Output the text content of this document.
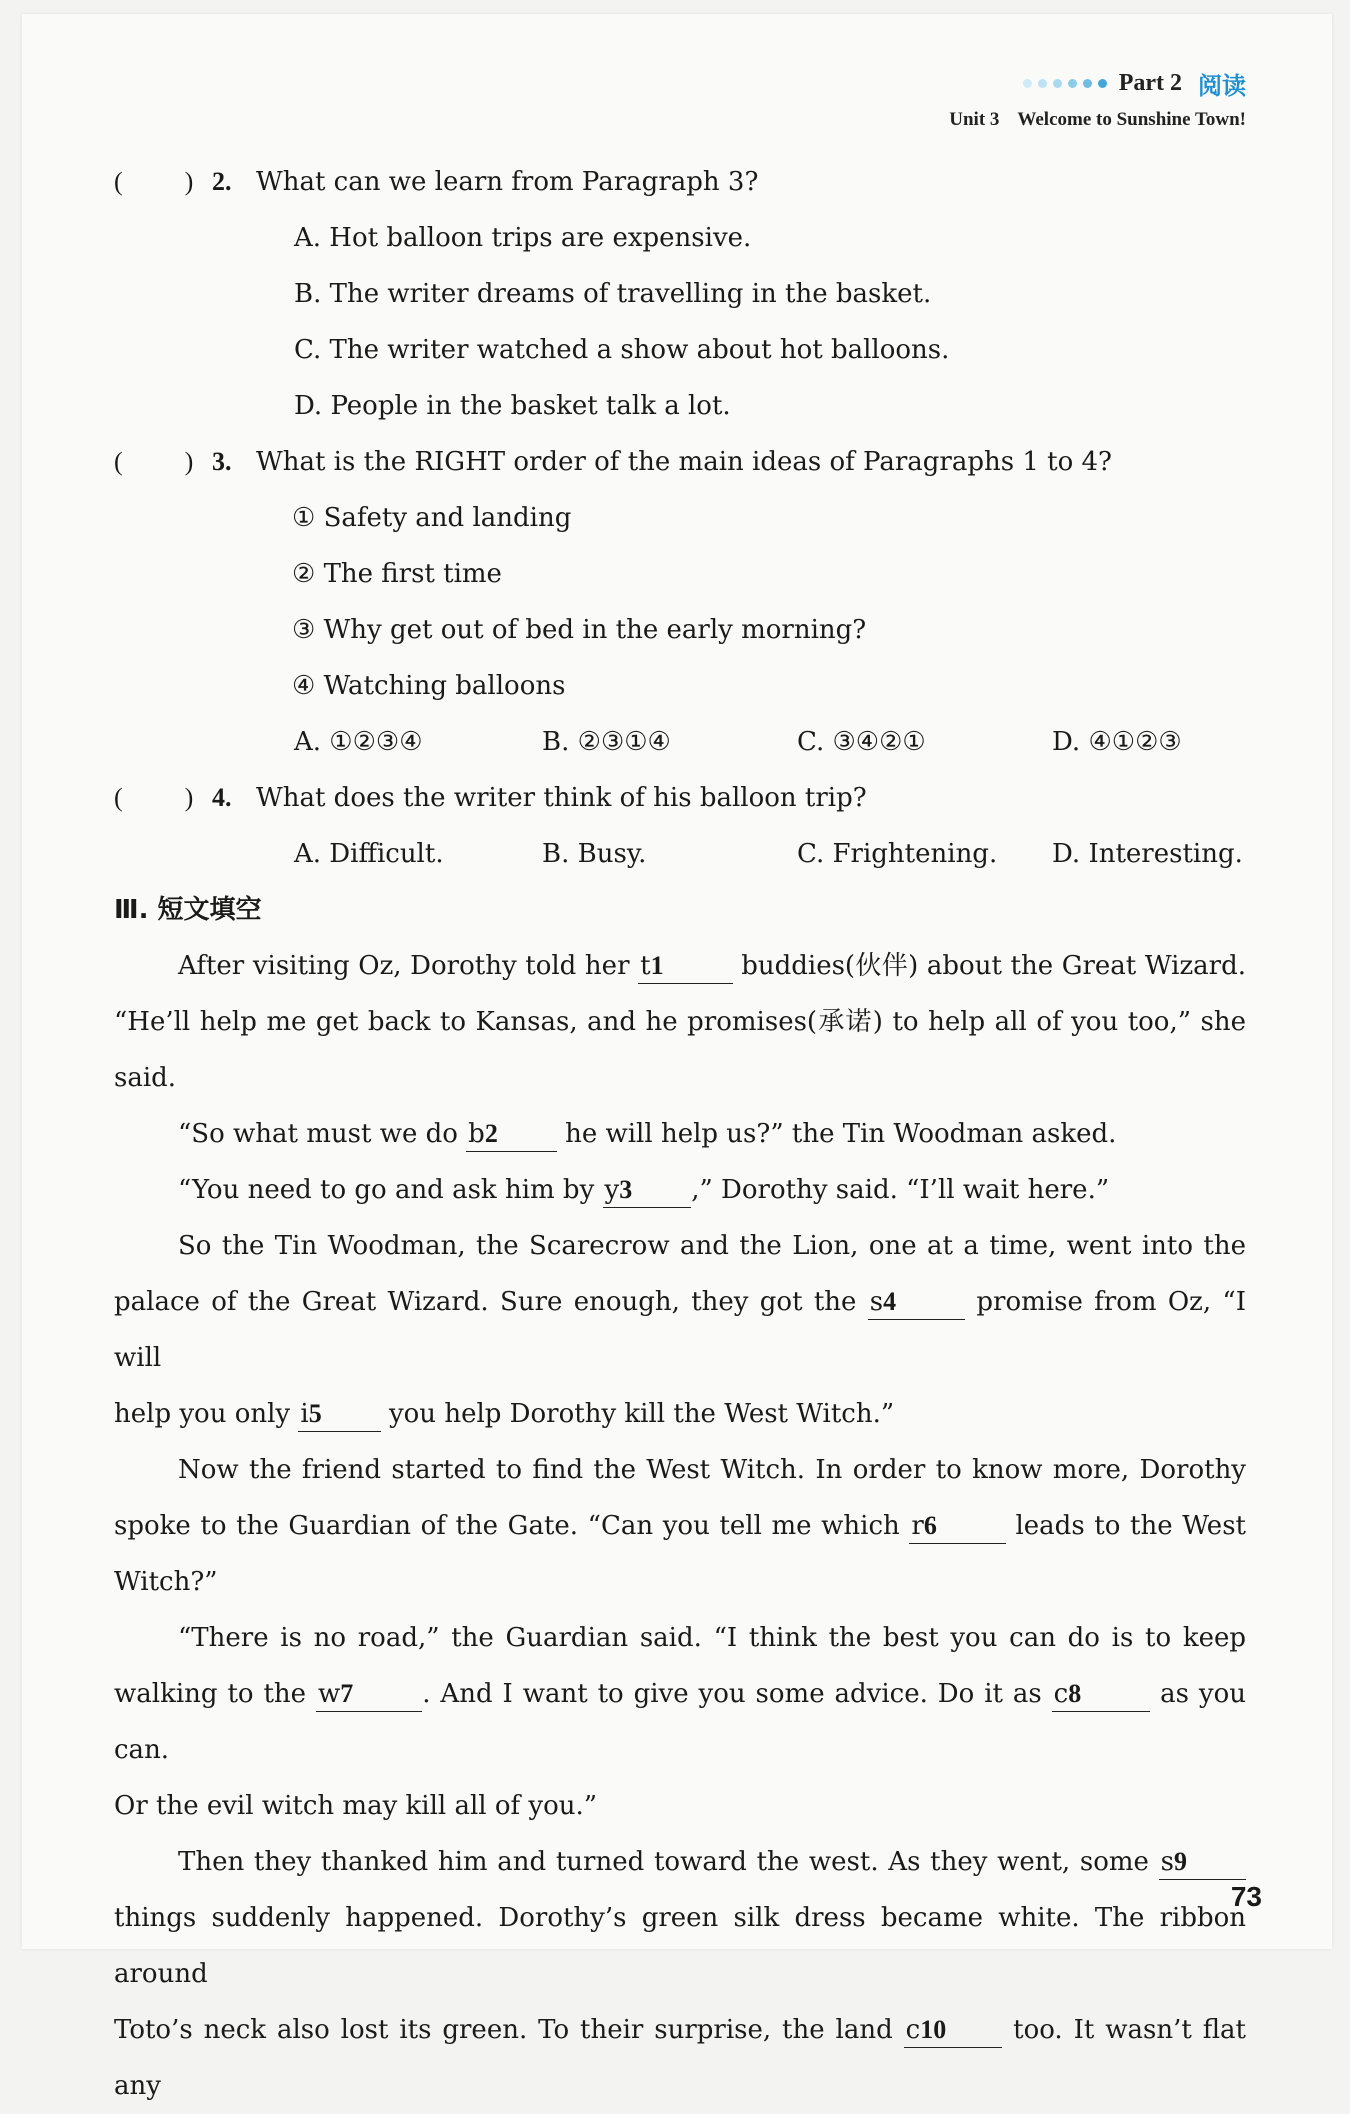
Part 2 阅读
Unit 3 Welcome to Sunshine Town!
( ) 2. What can we learn from Paragraph 3?
A. Hot balloon trips are expensive.
B. The writer dreams of travelling in the basket.
C. The writer watched a show about hot balloons.
D. People in the basket talk a lot.
( ) 3. What is the RIGHT order of the main ideas of Paragraphs 1 to 4?
① Safety and landing
② The first time
③ Why get out of bed in the early morning?
④ Watching balloons
A. ①②③④	B. ②③①④	C. ③④②①	D. ④①②③
( ) 4. What does the writer think of his balloon trip?
A. Difficult.	B. Busy.	C. Frightening.	D. Interesting.
Ⅲ. 短文填空
After visiting Oz, Dorothy told her t1	buddies(伙伴) about the Great Wizard.
“He’ll help me get back to Kansas, and he promises(承诺) to help all of you too,” she
said.
“So what must we do b2 he will help us?” the Tin Woodman asked.
“You need to go and ask him by y3 ,” Dorothy said. “I’ll wait here.”
So the Tin Woodman, the Scarecrow and the Lion, one at a time, went into the
palace of the Great Wizard. Sure enough, they got the s4	promise from Oz, “I will
help you only i5 you help Dorothy kill the West Witch.”
Now the friend started to find the West Witch. In order to know more, Dorothy
spoke to the Guardian of the Gate. “Can you tell me which r6	leads to the West
Witch?”
“There is no road,” the Guardian said. “I think the best you can do is to keep
walking to the w7	. And I want to give you some advice. Do it as c8	as you can.
Or the evil witch may kill all of you.”
Then they thanked him and turned toward the west. As they went, some s9
things suddenly happened. Dorothy’s green silk dress became white. The ribbon around
Toto’s neck also lost its green. To their surprise, the land c10 too. It wasn’t flat any
73
